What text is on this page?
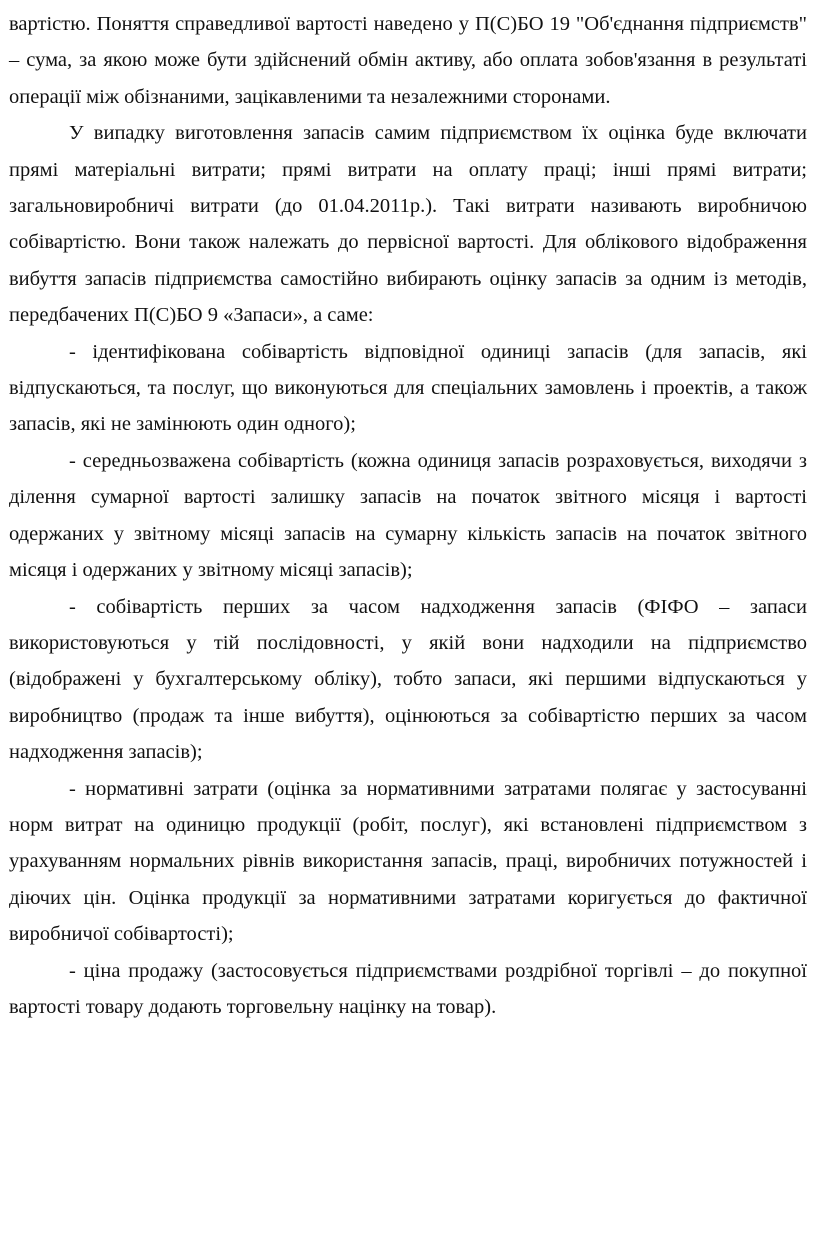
вартістю. Поняття справедливої вартості наведено у П(С)БО 19 "Об'єднання підприємств" – сума, за якою може бути здійснений обмін активу, або оплата зобов'язання в результаті операції між обізнаними, зацікавленими та незалежними сторонами.

У випадку виготовлення запасів самим підприємством їх оцінка буде включати прямі матеріальні витрати; прямі витрати на оплату праці; інші прямі витрати; загальновиробничі витрати (до 01.04.2011р.). Такі витрати називають виробничою собівартістю. Вони також належать до первісної вартості. Для облікового відображення вибуття запасів підприємства самостійно вибирають оцінку запасів за одним із методів, передбачених П(С)БО 9 «Запаси», а саме:

- ідентифікована собівартість відповідної одиниці запасів (для запасів, які відпускаються, та послуг, що виконуються для спеціальних замовлень і проектів, а також запасів, які не замінюють один одного);

- середньозважена собівартість (кожна одиниця запасів розраховується, виходячи з ділення сумарної вартості залишку запасів на початок звітного місяця і вартості одержаних у звітному місяці запасів на сумарну кількість запасів на початок звітного місяця і одержаних у звітному місяці запасів);

- собівартість перших за часом надходження запасів (ФІФО – запаси використовуються у тій послідовності, у якій вони надходили на підприємство (відображені у бухгалтерському обліку), тобто запаси, які першими відпускаються у виробництво (продаж та інше вибуття), оцінюються за собівартістю перших за часом надходження запасів);

- нормативні затрати (оцінка за нормативними затратами полягає у застосуванні норм витрат на одиницю продукції (робіт, послуг), які встановлені підприємством з урахуванням нормальних рівнів використання запасів, праці, виробничих потужностей і діючих цін. Оцінка продукції за нормативними затратами коригується до фактичної виробничої собівартості);

- ціна продажу (застосовується підприємствами роздрібної торгівлі – до покупної вартості товару додають торговельну націнку на товар).
